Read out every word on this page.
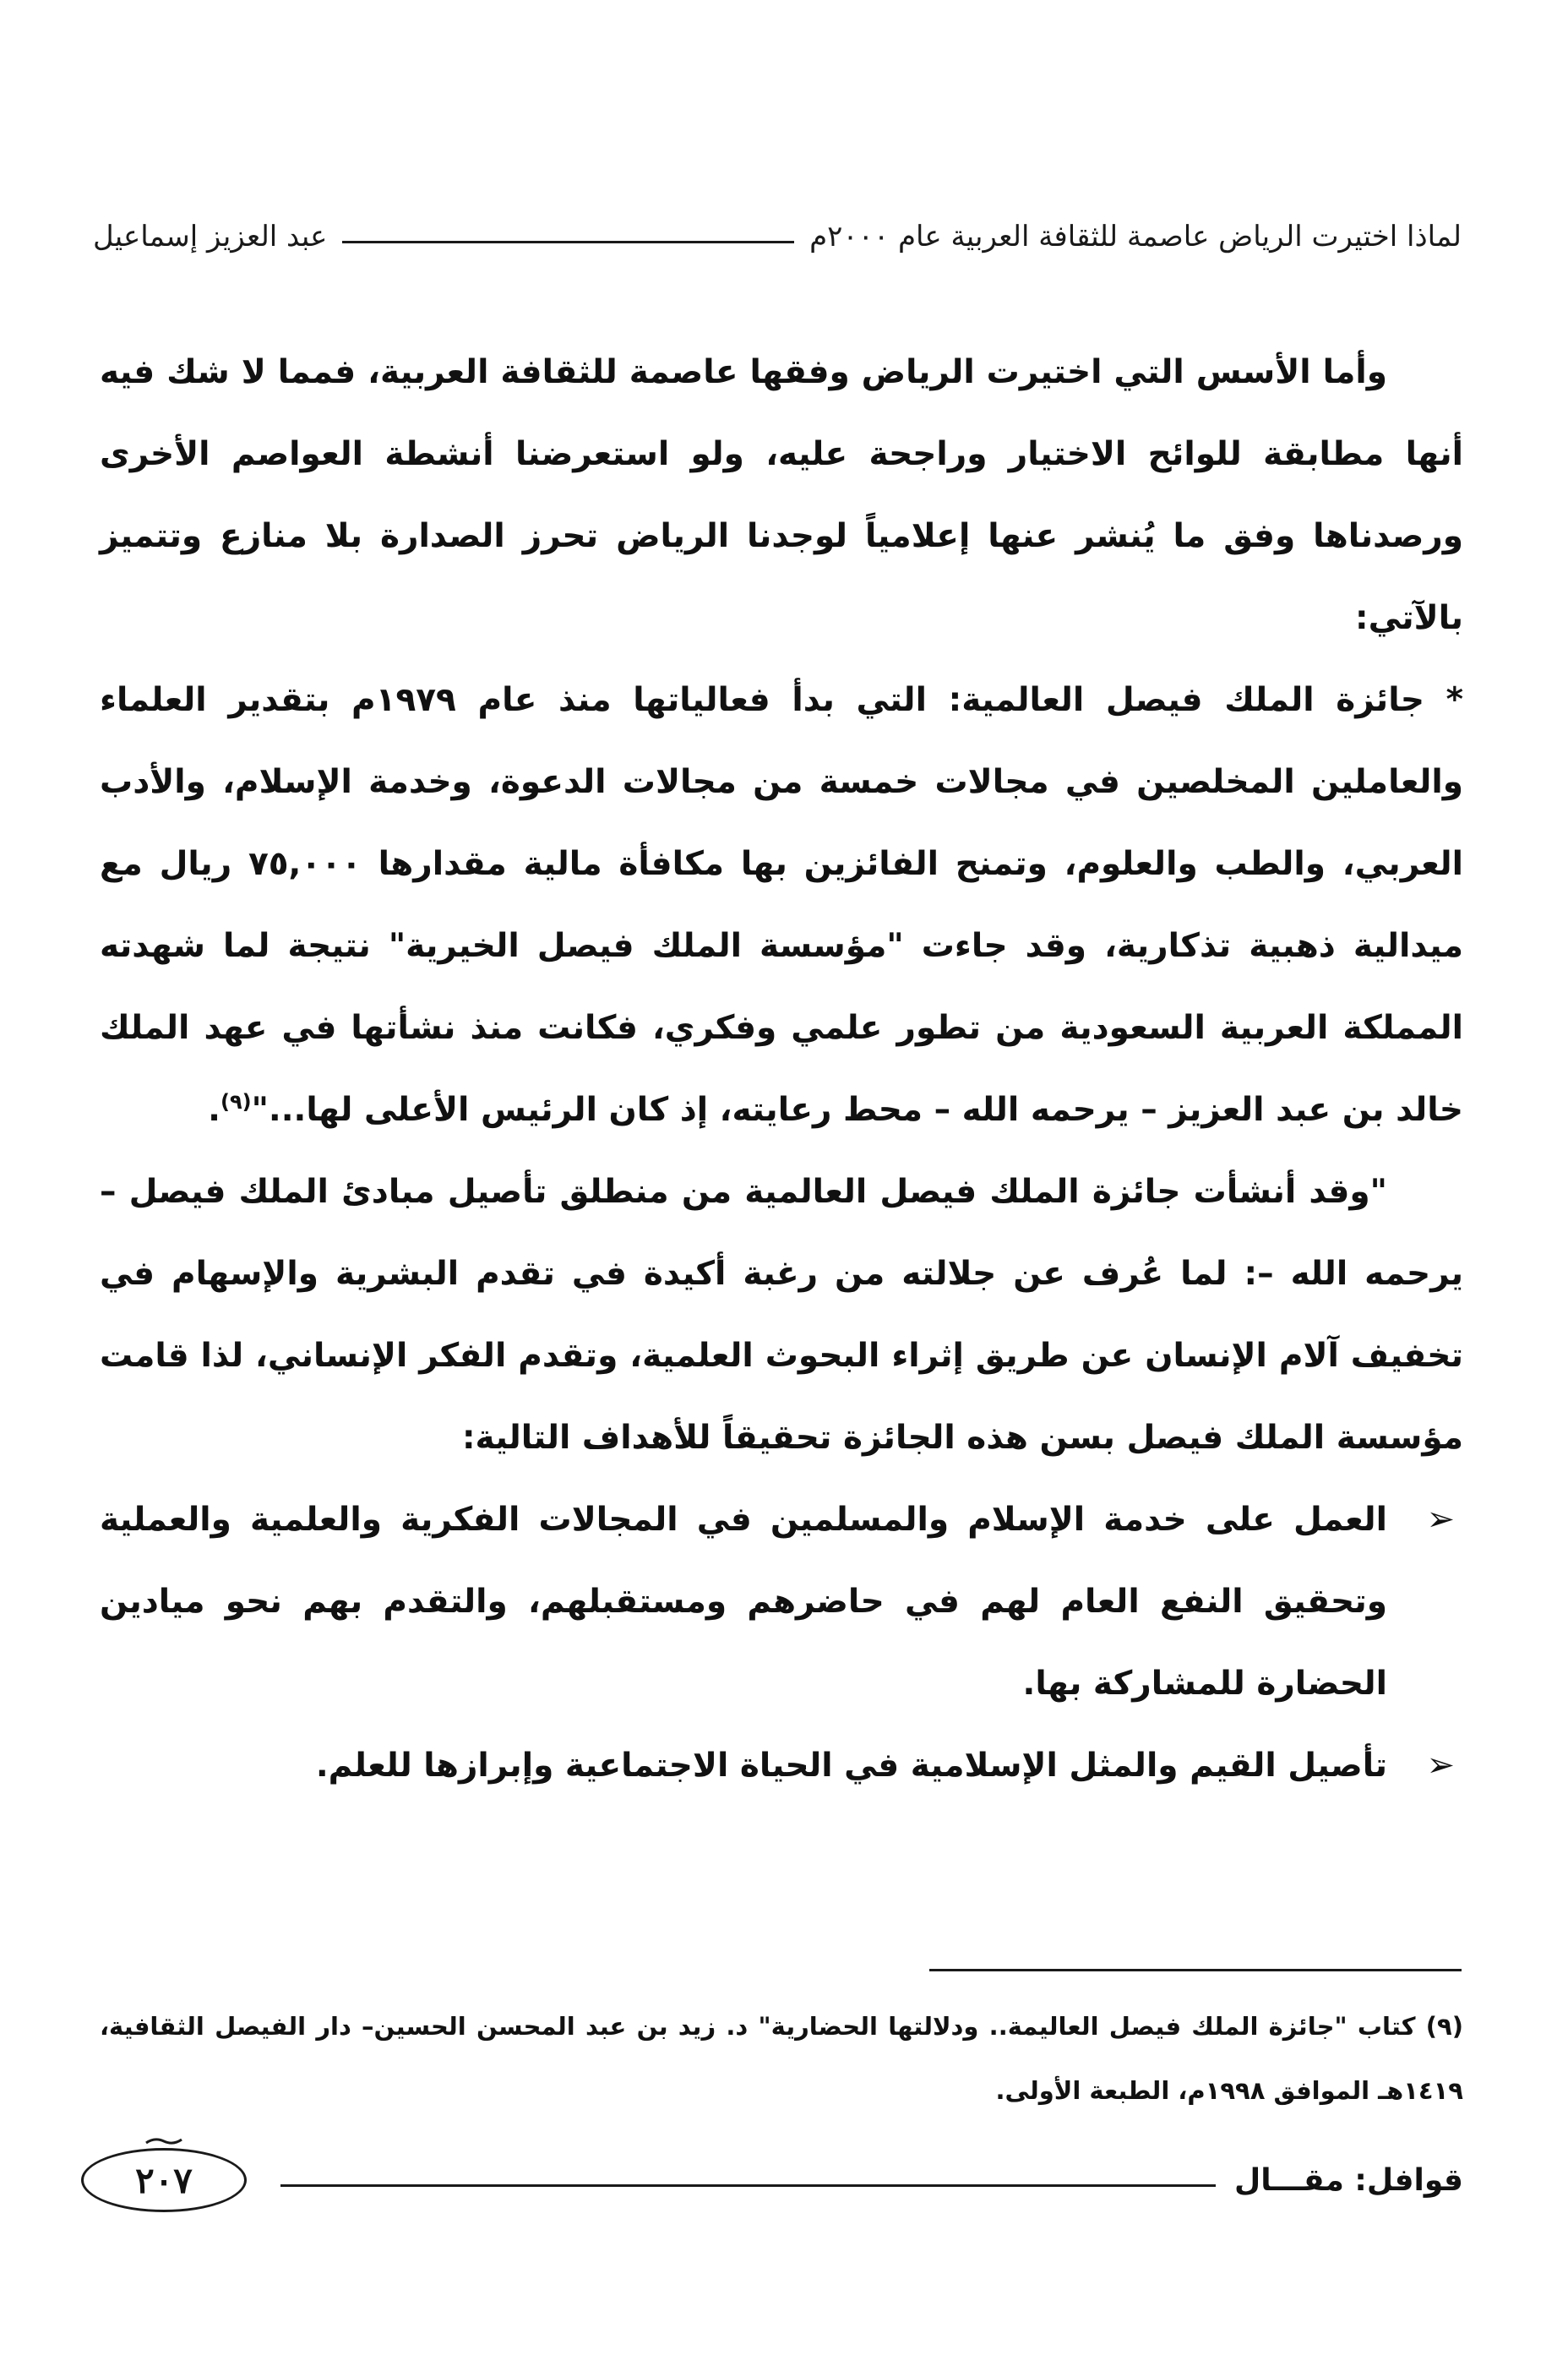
لماذا اختيرت الرياض عاصمة للثقافة العربية عام ٢٠٠٠م
عبد العزيز إسماعيل

وأما الأسس التي اختيرت الرياض وفقها عاصمة للثقافة العربية، فمما لا شك فيه أنها مطابقة للوائح الاختيار وراجحة عليه، ولو استعرضنا أنشطة العواصم الأخرى ورصدناها وفق ما يُنشر عنها إعلامياً لوجدنا الرياض تحرز الصدارة بلا منازع وتتميز بالآتي:

* جائزة الملك فيصل العالمية: التي بدأ فعالياتها منذ عام ١٩٧٩م بتقدير العلماء والعاملين المخلصين في مجالات خمسة من مجالات الدعوة، وخدمة الإسلام، والأدب العربي، والطب والعلوم، وتمنح الفائزين بها مكافأة مالية مقدارها ٧٥,٠٠٠ ريال مع ميدالية ذهبية تذكارية، وقد جاءت "مؤسسة الملك فيصل الخيرية" نتيجة لما شهدته المملكة العربية السعودية من تطور علمي وفكري، فكانت منذ نشأتها في عهد الملك خالد بن عبد العزيز – يرحمه الله – محط رعايته، إذ كان الرئيس الأعلى لها..."$^{(٩)}$.

"وقد أنشأت جائزة الملك فيصل العالمية من منطلق تأصيل مبادئ الملك فيصل – يرحمه الله –: لما عُرف عن جلالته من رغبة أكيدة في تقدم البشرية والإسهام في تخفيف آلام الإنسان عن طريق إثراء البحوث العلمية، وتقدم الفكر الإنساني، لذا قامت مؤسسة الملك فيصل بسن هذه الجائزة تحقيقاً للأهداف التالية:

➢
العمل على خدمة الإسلام والمسلمين في المجالات الفكرية والعلمية والعملية وتحقيق النفع العام لهم في حاضرهم ومستقبلهم، والتقدم بهم نحو ميادين الحضارة للمشاركة بها.
➢
تأصيل القيم والمثل الإسلامية في الحياة الاجتماعية وإبرازها للعلم.

(٩) كتاب "جائزة الملك فيصل العاليمة.. ودلالتها الحضارية" د. زيد بن عبد المحسن الحسين– دار الفيصل الثقافية، ١٤١٩هـ الموافق ١٩٩٨م، الطبعة الأولى.

قوافل: مقـــال
٢٠٧
